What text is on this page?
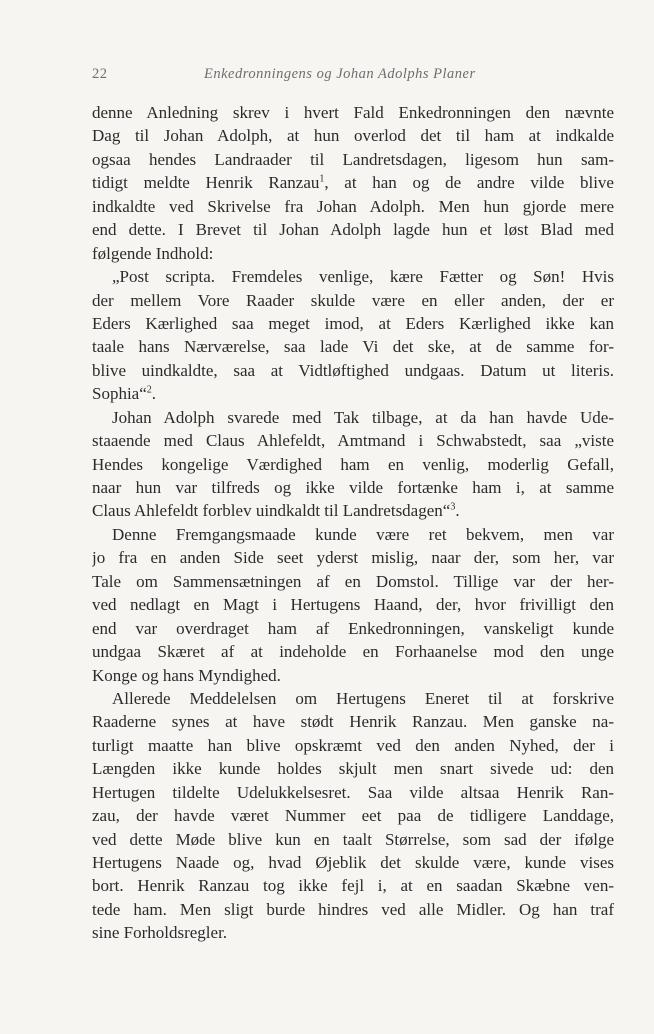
22	Enkedronningens og Johan Adolphs Planer
denne Anledning skrev i hvert Fald Enkedronningen den nævnte
Dag til Johan Adolph, at hun overlod det til ham at indkalde
ogsaa hendes Landraader til Landretsdagen, ligesom hun sam-
tidigt meldte Henrik Ranzau$^1$, at han og de andre vilde blive
indkaldte ved Skrivelse fra Johan Adolph. Men hun gjorde mere
end dette. I Brevet til Johan Adolph lagde hun et løst Blad med
følgende Indhold:
„Post scripta. Fremdeles venlige, kære Fætter og Søn! Hvis
der mellem Vore Raader skulde være en eller anden, der er
Eders Kærlighed saa meget imod, at Eders Kærlighed ikke kan
taale hans Nærværelse, saa lade Vi det ske, at de samme for-
blive uindkaldte, saa at Vidtløftighed undgaas. Datum ut literis.
Sophia“$^2$.
Johan Adolph svarede med Tak tilbage, at da han havde Ude-
staaende med Claus Ahlefeldt, Amtmand i Schwabstedt, saa „viste
Hendes kongelige Værdighed ham en venlig, moderlig Gefall,
naar hun var tilfreds og ikke vilde fortænke ham i, at samme
Claus Ahlefeldt forblev uindkaldt til Landretsdagen“$^3$.
Denne Fremgangsmaade kunde være ret bekvem, men var
jo fra en anden Side seet yderst mislig, naar der, som her, var
Tale om Sammensætningen af en Domstol. Tillige var der her-
ved nedlagt en Magt i Hertugens Haand, der, hvor frivilligt den
end var overdraget ham af Enkedronningen, vanskeligt kunde
undgaa Skæret af at indeholde en Forhaanelse mod den unge
Konge og hans Myndighed.
Allerede Meddelelsen om Hertugens Eneret til at forskrive
Raaderne synes at have stødt Henrik Ranzau. Men ganske na-
turligt maatte han blive opskræmt ved den anden Nyhed, der i
Længden ikke kunde holdes skjult men snart sivede ud: den
Hertugen tildelte Udelukkelsesret. Saa vilde altsaa Henrik Ran-
zau, der havde været Nummer eet paa de tidligere Landdage,
ved dette Møde blive kun en taalt Størrelse, som sad der ifølge
Hertugens Naade og, hvad Øjeblik det skulde være, kunde vises
bort. Henrik Ranzau tog ikke fejl i, at en saadan Skæbne ven-
tede ham. Men sligt burde hindres ved alle Midler. Og han traf
sine Forholdsregler.
